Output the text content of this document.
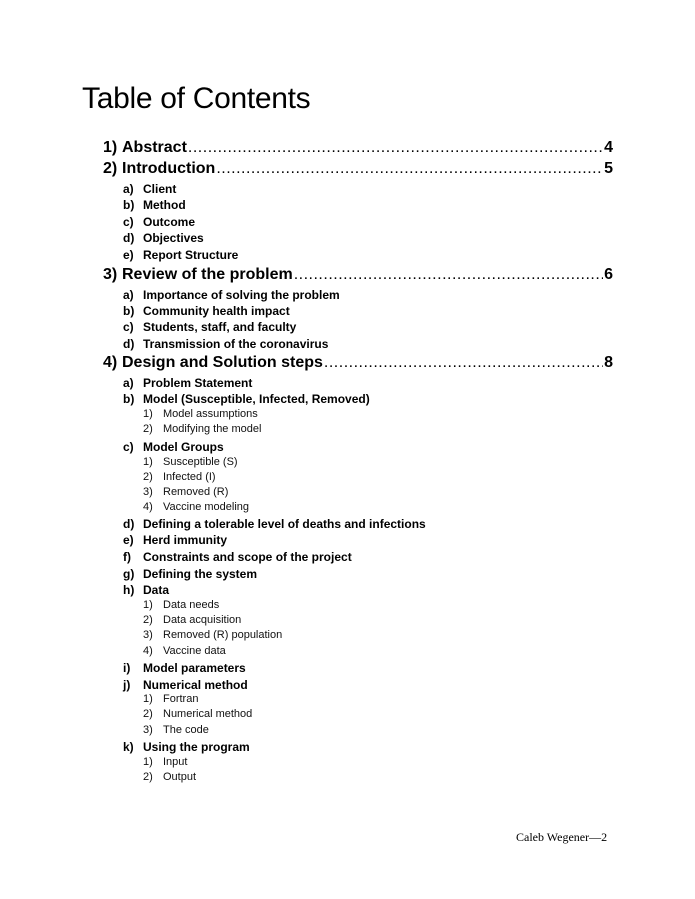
Table of Contents
1) Abstract .....	4
2) Introduction .....	5
a) Client
b) Method
c) Outcome
d) Objectives
e) Report Structure
3) Review of the problem .....	6
a) Importance of solving the problem
b) Community health impact
c) Students, staff, and faculty
d) Transmission of the coronavirus
4) Design and Solution steps .....	8
a) Problem Statement
b) Model (Susceptible, Infected, Removed)
1) Model assumptions
2) Modifying the model
c) Model Groups
1) Susceptible (S)
2) Infected (I)
3) Removed (R)
4) Vaccine modeling
d) Defining a tolerable level of deaths and infections
e) Herd immunity
f)	Constraints and scope of the project
g) Defining the system
h) Data
1) Data needs
2) Data acquisition
3) Removed (R) population
4) Vaccine data
i)	Model parameters
j)	Numerical method
1) Fortran
2) Numerical method
3) The code
k) Using the program
1) Input
2) Output
Caleb Wegener—2
